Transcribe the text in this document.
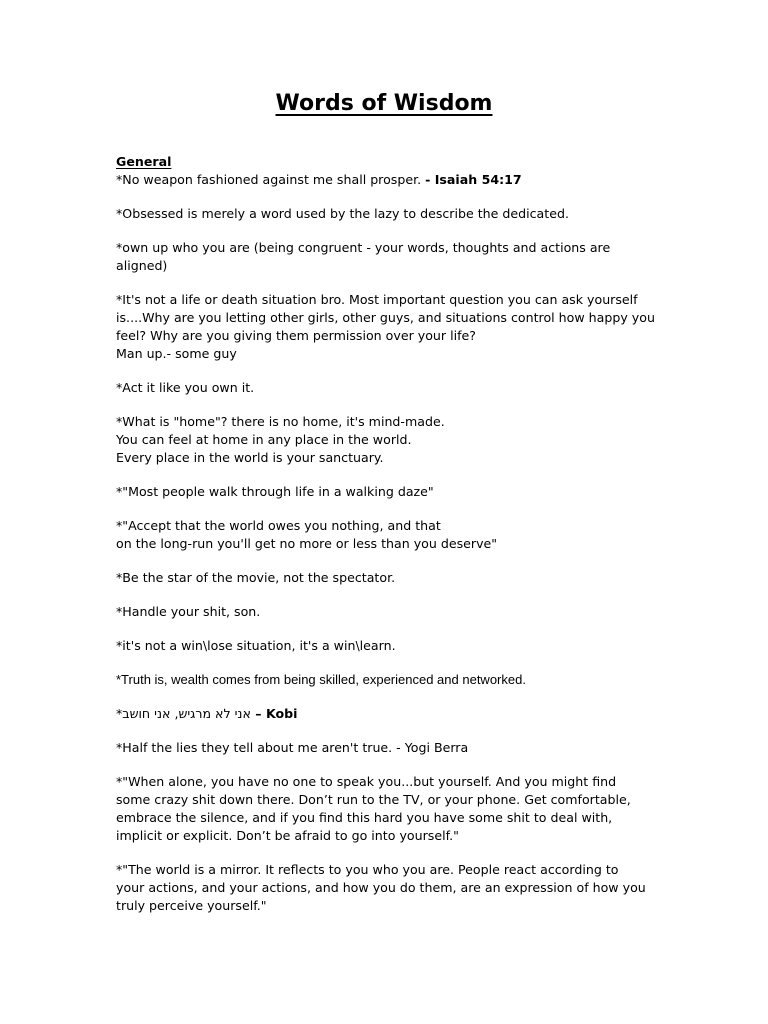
Words of Wisdom
General
*No weapon fashioned against me shall prosper. - Isaiah 54:17
*Obsessed is merely a word used by the lazy to describe the dedicated.
*own up who you are (being congruent - your words, thoughts and actions are
aligned)
*It's not a life or death situation bro. Most important question you can ask yourself
is....Why are you letting other girls, other guys, and situations control how happy you
feel? Why are you giving them permission over your life?
Man up.- some guy
*Act it like you own it.
*What is "home"? there is no home, it's mind-made.
You can feel at home in any place in the world.
Every place in the world is your sanctuary.
*"Most people walk through life in a walking daze"
*"Accept that the world owes you nothing, and that
on the long-run you'll get no more or less than you deserve"
*Be the star of the movie, not the spectator.
*Handle your shit, son.
*it's not a win\lose situation, it's a win\learn.
*Truth is, wealth comes from being skilled, experienced and networked.
*אני לא מרגיש, אני חושב – Kobi
*Half the lies they tell about me aren't true. - Yogi Berra
*"When alone, you have no one to speak you...but yourself. And you might find
some crazy shit down there. Don’t run to the TV, or your phone. Get comfortable,
embrace the silence, and if you find this hard you have some shit to deal with,
implicit or explicit. Don’t be afraid to go into yourself."
*"The world is a mirror. It reflects to you who you are. People react according to
your actions, and your actions, and how you do them, are an expression of how you
truly perceive yourself."
